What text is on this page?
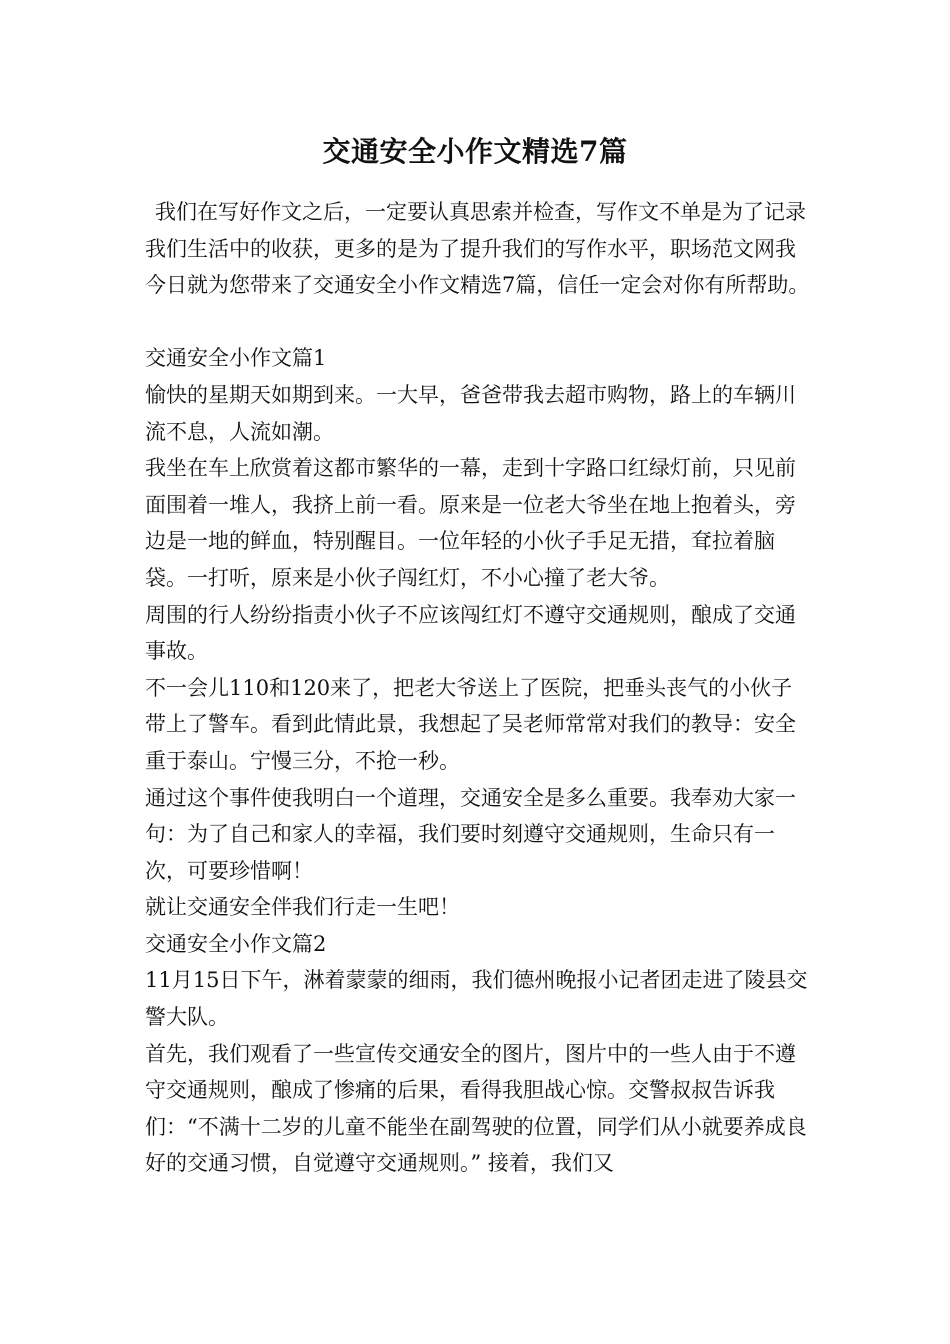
交通安全小作文精选7篇

我们在写好作文之后，一定要认真思索并检查，写作文不单是为了记录我们生活中的收获，更多的是为了提升我们的写作水平，职场范文网我今日就为您带来了交通安全小作文精选7篇，信任一定会对你有所帮助。

交通安全小作文篇1

愉快的星期天如期到来。一大早，爸爸带我去超市购物，路上的车辆川流不息，人流如潮。

我坐在车上欣赏着这都市繁华的一幕，走到十字路口红绿灯前，只见前面围着一堆人，我挤上前一看。原来是一位老大爷坐在地上抱着头，旁边是一地的鲜血，特别醒目。一位年轻的小伙子手足无措，耷拉着脑袋。一打听，原来是小伙子闯红灯，不小心撞了老大爷。

周围的行人纷纷指责小伙子不应该闯红灯不遵守交通规则，酿成了交通事故。

不一会儿110和120来了，把老大爷送上了医院，把垂头丧气的小伙子带上了警车。看到此情此景，我想起了吴老师常常对我们的教导：安全重于泰山。宁慢三分，不抢一秒。

通过这个事件使我明白一个道理，交通安全是多么重要。我奉劝大家一句：为了自己和家人的幸福，我们要时刻遵守交通规则，生命只有一次，可要珍惜啊！

就让交通安全伴我们行走一生吧！

交通安全小作文篇2

11月15日下午，淋着蒙蒙的细雨，我们德州晚报小记者团走进了陵县交警大队。

首先，我们观看了一些宣传交通安全的图片，图片中的一些人由于不遵守交通规则，酿成了惨痛的后果，看得我胆战心惊。交警叔叔告诉我们：“不满十二岁的儿童不能坐在副驾驶的位置，同学们从小就要养成良好的交通习惯，自觉遵守交通规则。” 接着，我们又
